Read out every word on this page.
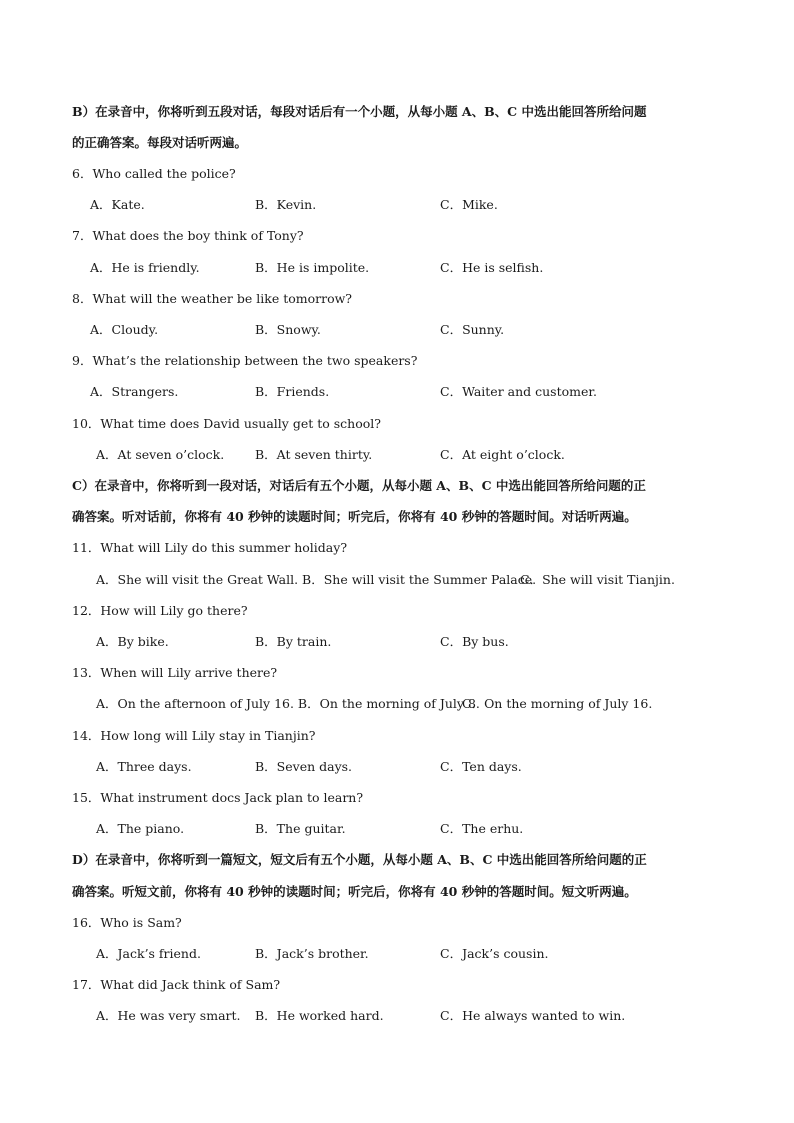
B）在录音中，你将听到五段对话，每段对话后有一个小题，从每小题 A、B、C 中选出能回答所给问题
的正确答案。每段对话听两遍。
6．Who called the police?
A．Kate.	B．Kevin.	C．Mike.
7．What does the boy think of Tony?
A．He is friendly.	B．He is impolite.	C．He is selfish.
8．What will the weather be like tomorrow?
A．Cloudy.	B．Snowy.	C．Sunny.
9．What’s the relationship between the two speakers?
A．Strangers.	B．Friends.	C．Waiter and customer.
10．What time does David usually get to school?
A．At seven o’clock. B．At seven thirty.	C．At eight o’clock.
C）在录音中，你将听到一段对话，对话后有五个小题，从每小题 A、B、C 中选出能回答所给问题的正
确答案。听对话前，你将有 40 秒钟的读题时间；听完后，你将有 40 秒钟的答题时间。对话听两遍。
11．What will Lily do this summer holiday?
A．She will visit the Great Wall. B．She will visit the Summer Palace.
C．She will visit Tianjin.
12．How will Lily go there?
A．By bike.	B．By train.	C．By bus.
13．When will Lily arrive there?
A．On the afternoon of July 16. B．On the morning of July 8.
C．On the morning of July 16.
14．How long will Lily stay in Tianjin?
A．Three days.	B．Seven days.	C．Ten days.
15．What instrument docs Jack plan to learn?
A．The piano.	B．The guitar.	C．The erhu.
D）在录音中，你将听到一篇短文，短文后有五个小题，从每小题 A、B、C 中选出能回答所给问题的正
确答案。听短文前，你将有 40 秒钟的读题时间；听完后，你将有 40 秒钟的答题时间。短文听两遍。
16．Who is Sam?
A．Jack’s friend.	B．Jack’s brother.	C．Jack’s cousin.
17．What did Jack think of Sam?
A．He was very smart. B．He worked hard.	C．He always wanted to win.
